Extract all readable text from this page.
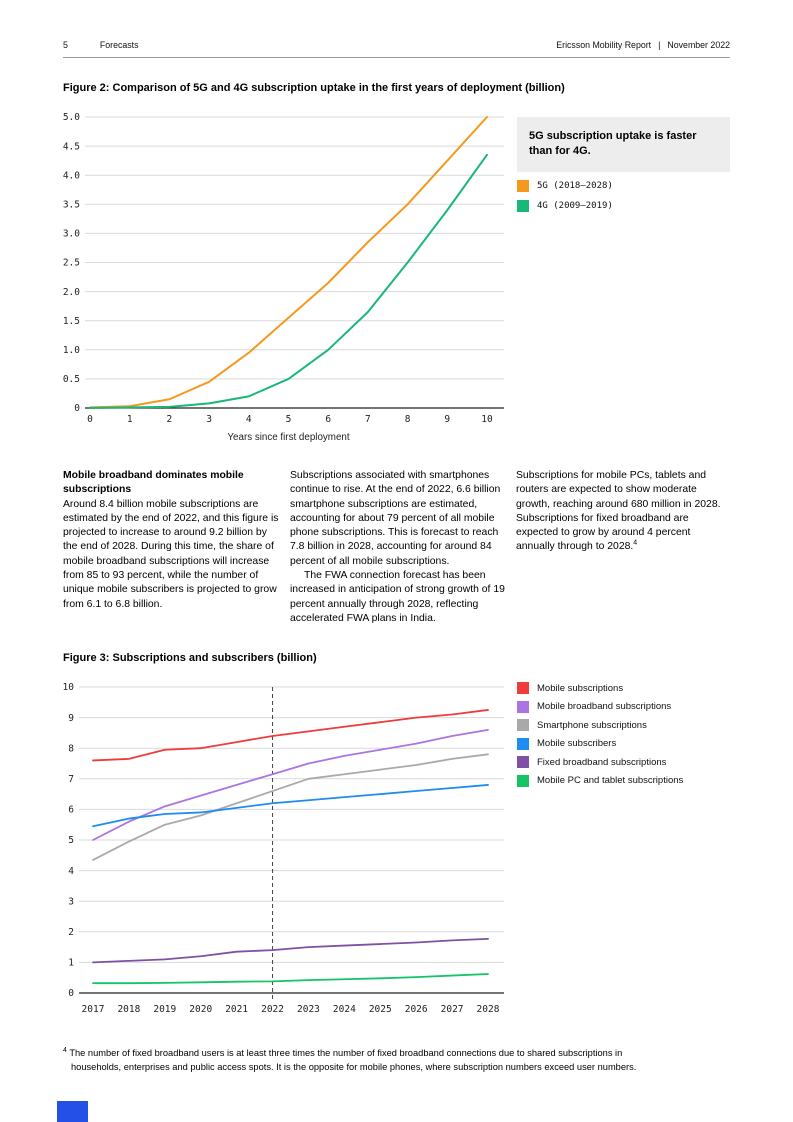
5	Forecasts	Ericsson Mobility Report | November 2022
Figure 2: Comparison of 5G and 4G subscription uptake in the first years of deployment (billion)
0
0.5
1.0
1.5
2.0
2.5
3.0
3.5
4.0
4.5
5.0
0	1	2	3	4	5	6	7	8	9	10
Years since first deployment
5G subscription uptake is faster than for 4G.
5G (2018–2028)
4G (2009–2019)
Mobile broadband dominates mobile subscriptions

Around 8.4 billion mobile subscriptions are estimated by the end of 2022, and this figure is projected to increase to around 9.2 billion by the end of 2028. During this time, the share of mobile broadband subscriptions will increase from 85 to 93 percent, while the number of unique mobile subscribers is projected to grow from 6.1 to 6.8 billion.

Subscriptions associated with smartphones continue to rise. At the end of 2022, 6.6 billion smartphone subscriptions are estimated, accounting for about 79 percent of all mobile phone subscriptions. This is forecast to reach 7.8 billion in 2028, accounting for around 84 percent of all mobile subscriptions.

The FWA connection forecast has been increased in anticipation of strong growth of 19 percent annually through 2028, reflecting accelerated FWA plans in India.

Subscriptions for mobile PCs, tablets and routers are expected to show moderate growth, reaching around 680 million in 2028. Subscriptions for fixed broadband are expected to grow by around 4 percent annually through to 2028.$^4$

Figure 3: Subscriptions and subscribers (billion)
0
1
2
3
4
5
6
7
8
9
10
2017 2018 2019 2020 2021 2022 2023 2024 2025 2026 2027 2028
Mobile subscriptions
Mobile broadband subscriptions
Smartphone subscriptions
Mobile subscribers
Fixed broadband subscriptions
Mobile PC and tablet subscriptions
$^4$ The number of fixed broadband users is at least three times the number of fixed broadband connections due to shared subscriptions in households, enterprises and public access spots. It is the opposite for mobile phones, where subscription numbers exceed user numbers.
